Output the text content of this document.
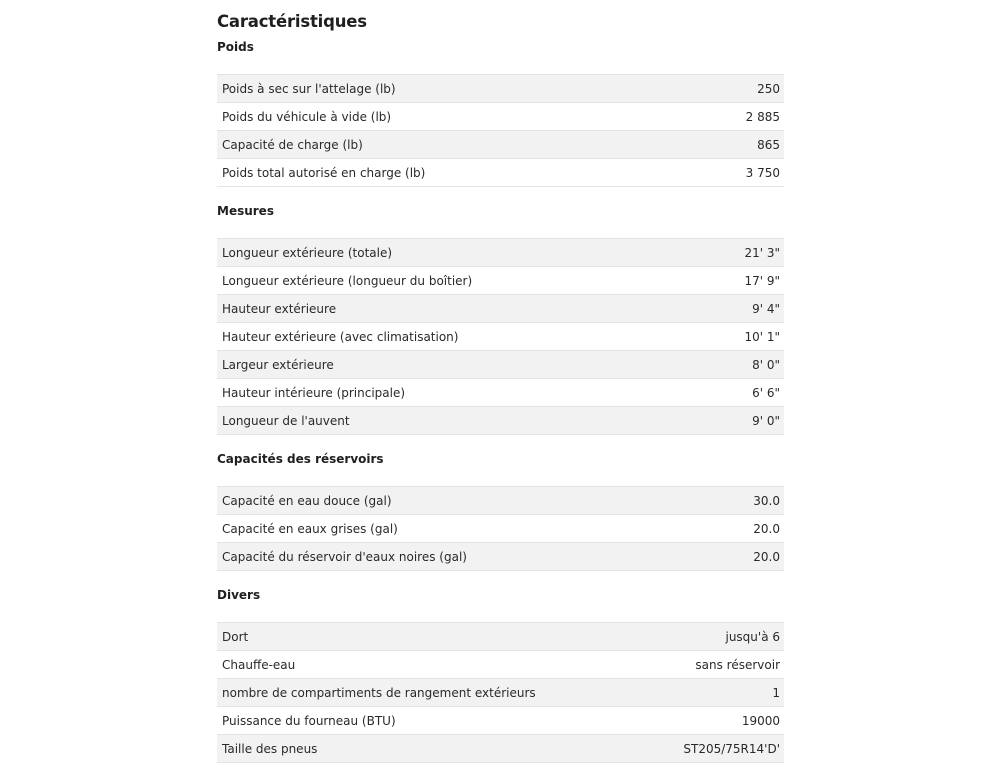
Caractéristiques
Poids
Poids à sec sur l'attelage (lb)	250
Poids du véhicule à vide (lb)	2 885
Capacité de charge (lb)	865
Poids total autorisé en charge (lb)	3 750
Mesures
Longueur extérieure (totale)	21' 3"
Longueur extérieure (longueur du boîtier)	17' 9"
Hauteur extérieure	9' 4"
Hauteur extérieure (avec climatisation)	10' 1"
Largeur extérieure	8' 0"
Hauteur intérieure (principale)	6' 6"
Longueur de l'auvent	9' 0"
Capacités des réservoirs
Capacité en eau douce (gal)	30.0
Capacité en eaux grises (gal)	20.0
Capacité du réservoir d'eaux noires (gal)	20.0
Divers
Dort	jusqu'à 6
Chauffe-eau	sans réservoir
nombre de compartiments de rangement extérieurs	1
Puissance du fourneau (BTU)	19000
Taille des pneus	ST205/75R14'D'
